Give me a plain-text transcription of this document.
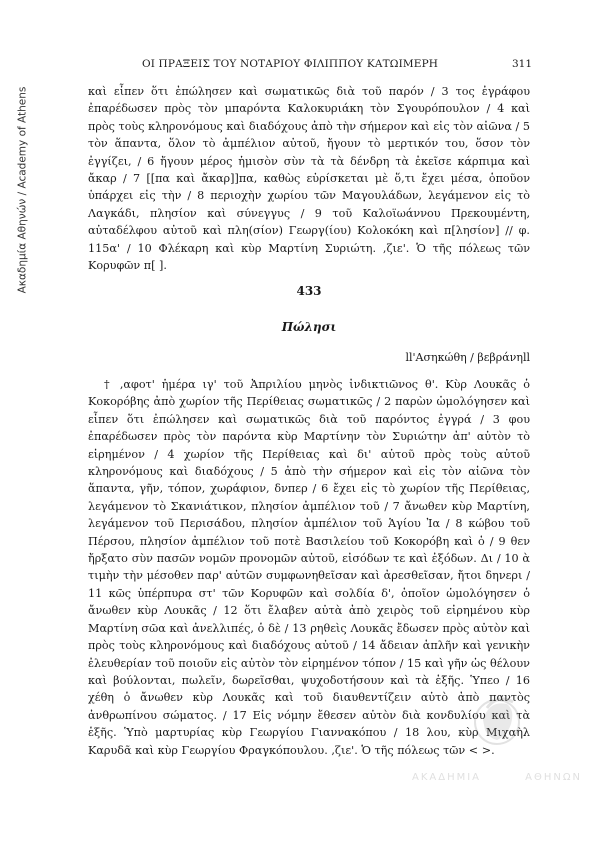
Ακαδημία Αθηνών / Academy of Athens
ΟΙ ΠΡΑΞΕΙΣ ΤΟΥ ΝΟΤΑΡΙΟΥ ΦΙΛΙΠΠΟΥ ΚΑΤΩΙΜΕΡΗ	311

καὶ εἶπεν ὅτι ἐπώλησεν καὶ σωματικῶς διὰ τοῦ παρόν / 3 τος ἐγράφου ἐπαρέδωσεν πρὸς τὸν μπαρόντα Καλοκυριάκη τὸν Σγουρόπουλον / 4 καὶ πρὸς τοὺς κληρονόμους καὶ διαδόχους ἀπὸ τὴν σήμερον καὶ εἰς τὸν αἰῶνα / 5 τὸν ἅπαντα, ὅλον τὸ ἀμπέλιον αὐτοῦ, ἤγουν τὸ μερτικόν του, ὅσον τὸν ἐγγίζει, / 6 ἤγουν μέρος ἡμισὸν σὺν τὰ τὰ δένδρη τὰ ἐκεῖσε κάρπιμα καὶ ἄκαρ / 7 [[πα καὶ ἄκαρ]]πα, καθὼς εὑρίσκεται μὲ ὅ,τι ἔχει μέσα, ὁποῦον ὑπάρχει εἰς τὴν / 8 περιοχὴν χωρίου τῶν Μαγουλάδων, λεγάμενον εἰς τὸ Λαγκάδι, πλησίον καὶ σύνεγγυς / 9 τοῦ Καλοϊωάννου Πρεκουμέντη, αὐταδέλφου αὐτοῦ καὶ πλη(σίον) Γεωργ(ίου) Κολοκόκη καὶ π[λησίον] // φ. 115α' / 10 Φλέκαρη καὶ κὺρ Μαρτίνη Συριώτη. ,ζιε'. Ὁ τῆς πόλεως τῶν Κορυφῶν π[ ].

433
Πώλησι
ll'Ασηκώθη / βεβράνηll

† ,αφοτ' ἡμέρα ιγ' τοῦ Ἀπριλίου μηνὸς ἰνδικτιῶνος θ'. Κὺρ Λουκᾶς ὁ Κοκορόβης ἀπὸ χωρίον τῆς Περίθειας σωματικῶς / 2 παρὼν ὡμολόγησεν καὶ εἶπεν ὅτι ἐπώλησεν καὶ σωματικῶς διὰ τοῦ παρόντος ἐγγρά / 3 φου ἐπαρέδωσεν πρὸς τὸν παρόντα κὺρ Μαρτίνην τὸν Συριώτην ἀπ' αὐτὸν τὸ εἰρημένον / 4 χωρίον τῆς Περίθειας καὶ δι' αὐτοῦ πρὸς τοὺς αὐτοῦ κληρονόμους καὶ διαδόχους / 5 ἀπὸ τὴν σήμερον καὶ εἰς τὸν αἰῶνα τὸν ἅπαντα, γῆν, τόπον, χωράφιον, δνπερ / 6 ἔχει εἰς τὸ χωρίον τῆς Περίθειας, λεγάμενον τὸ Σκανιάτικον, πλησίον ἀμπέλιον τοῦ / 7 ἄνωθεν κὺρ Μαρτίνη, λεγάμενον τοῦ Περισάδου, πλησίον ἀμπέλιον τοῦ Ἁγίου Ἰα / 8 κώβου τοῦ Πέρσου, πλησίον ἀμπέλιον τοῦ ποτὲ Βασιλείου τοῦ Κοκορόβη καὶ ὁ / 9 θεν ἤρξατο σὺν πασῶν νομῶν προνομῶν αὐτοῦ, εἰσόδων τε καὶ ἐξόδων. Δι / 10 ὰ τιμὴν τὴν μέσοθεν παρ' αὐτῶν συμφωνηθεῖσαν καὶ ἀρεσθεῖσαν, ἤτοι δηνερι / 11 κῶς ὑπέρπυρα στ' τῶν Κορυφῶν καὶ σολδία δ', ὁποῖον ὡμολόγησεν ὁ ἄνωθεν κὺρ Λουκᾶς / 12 ὅτι ἔλαβεν αὐτὰ ἀπὸ χειρὸς τοῦ εἰρημένου κὺρ Μαρτίνη σῶα καὶ ἀνελλιπές, ὁ δὲ / 13 ρηθεὶς Λουκᾶς ἔδωσεν πρὸς αὐτὸν καὶ πρὸς τοὺς κληρονόμους καὶ διαδόχους αὐτοῦ / 14 ἄδειαν ἁπλῆν καὶ γενικὴν ἐλευθερίαν τοῦ ποιοῦν εἰς αὐτὸν τὸν εἰρημένον τόπον / 15 καὶ γῆν ὡς θέλουν καὶ βούλονται, πωλεῖν, δωρεῖσθαι, ψυχοδοτήσουν καὶ τὰ ἑξῆς. Ὑπεο / 16 χέθη ὁ ἄνωθεν κὺρ Λουκᾶς καὶ τοῦ διαυθεντίζειν αὐτὸ ἀπὸ παντὸς ἀνθρωπίνου σώματος. / 17 Εἰς νόμην ἔθεσεν αὐτὸν διὰ κονδυλίου καὶ τὰ ἑξῆς. Ὑπὸ μαρτυρίας κὺρ Γεωργίου Γιαννακόπου / 18 λου, κὺρ Μιχαὴλ Καρυδᾶ καὶ κὺρ Γεωργίου Φραγκόπουλου. ,ζιε'. Ὁ τῆς πόλεως τῶν < >.

ΑΚΑΔΗΜΙΑ	ΑΘΗΝΩΝ
